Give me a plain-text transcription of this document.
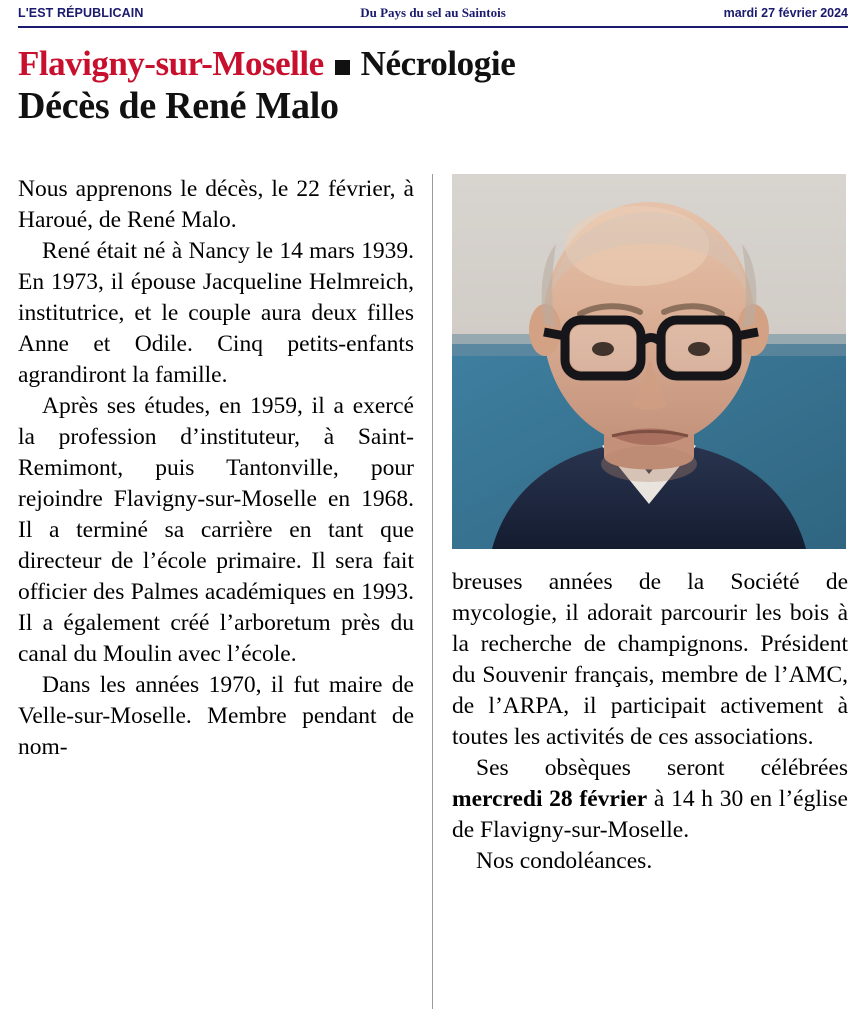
L'EST RÉPUBLICAIN	Du Pays du sel au Saintois	mardi 27 février 2024
Flavigny-sur-Moselle Nécrologie
Décès de René Malo

Nous apprenons le décès, le 22 février, à Haroué, de René Malo.

René était né à Nancy le 14 mars 1939. En 1973, il épouse Jacqueline Helmreich, institutrice, et le couple aura deux filles Anne et Odile. Cinq petits-enfants agrandiront la famille.

Après ses études, en 1959, il a exercé la profession d’instituteur, à Saint-Remimont, puis Tantonville, pour rejoindre Flavigny-sur-Moselle en 1968. Il a terminé sa carrière en tant que directeur de l’école primaire. Il sera fait officier des Palmes académiques en 1993. Il a également créé l’arboretum près du canal du Moulin avec l’école.

Dans les années 1970, il fut maire de Velle-sur-Moselle. Membre pendant de nom-

breuses années de la Société de mycologie, il adorait parcourir les bois à la recherche de champignons. Président du Souvenir français, membre de l’AMC, de l’ARPA, il participait activement à toutes les activités de ces associations.

Ses obsèques seront célébrées mercredi 28 février à 14 h 30 en l’église de Flavigny-sur-Moselle.

Nos condoléances.
